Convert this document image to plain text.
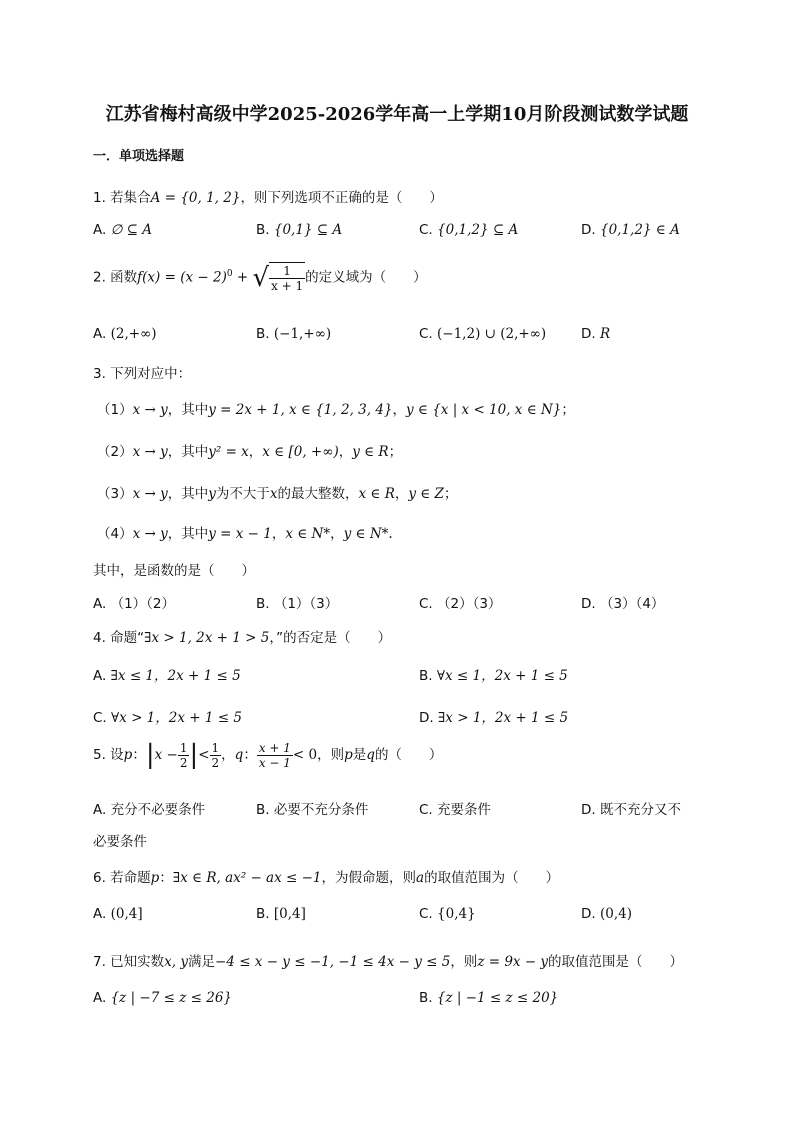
江苏省梅村高级中学2025-2026学年高一上学期10月阶段测试数学试题
一．单项选择题
1. 若集合A = {0, 1, 2}，则下列选项不正确的是（　　）
A. ∅ ⊆ A	B. {0,1} ⊆ A	C. {0,1,2} ⊆ A	D. {0,1,2} ∈ A
2. 函数$f(x) = (x - 2)^0$ + √ $\frac{1}{x + 1}$ 的定义域为（　　）
A. (2,+∞)	B. (−1,+∞)	C. (−1,2) ∪ (2,+∞)	D. R
3. 下列对应中：
（1）x → y，其中y = 2x + 1, x ∈ {1, 2, 3, 4}，y ∈ {x | x < 10, x ∈ N}；
（2）x → y，其中y² = x，x ∈ [0, +∞)，y ∈ R；
（3）x → y，其中y为不大于x的最大整数，x ∈ R，y ∈ Z；
（4）x → y，其中y = x − 1，x ∈ N*，y ∈ N*.
其中，是函数的是（　　）
A. （1）（2）	B. （1）（3）	C. （2）（3）	D. （3）（4）
4. 命题“∃x > 1, 2x + 1 > 5，”的否定是（　　）
A. ∃x ≤ 1，2x + 1 ≤ 5	B. ∀x ≤ 1，2x + 1 ≤ 5
C. ∀x > 1，2x + 1 ≤ 5	D. ∃x > 1，2x + 1 ≤ 5
5. 设p：$|x - \frac{1}{2}$ |< $\frac{1}{2}$ ，q： $\frac{x + 1}{x - 1} < 0$，则p是q的（　　）
A. 充分不必要条件	B. 必要不充分条件	C. 充要条件	D. 既不充分又不
必要条件
6. 若命题p：∃x ∈ R, ax² − ax ≤ −1，为假命题，则a的取值范围为（　　）
A. (0,4]	B. [0,4]	C. {0,4}	D. (0,4)
7. 已知实数x, y满足−4 ≤ x − y ≤ −1, −1 ≤ 4x − y ≤ 5，则z = 9x − y的取值范围是（　　）
A. {z | −7 ≤ z ≤ 26}	B. {z | −1 ≤ z ≤ 20}
